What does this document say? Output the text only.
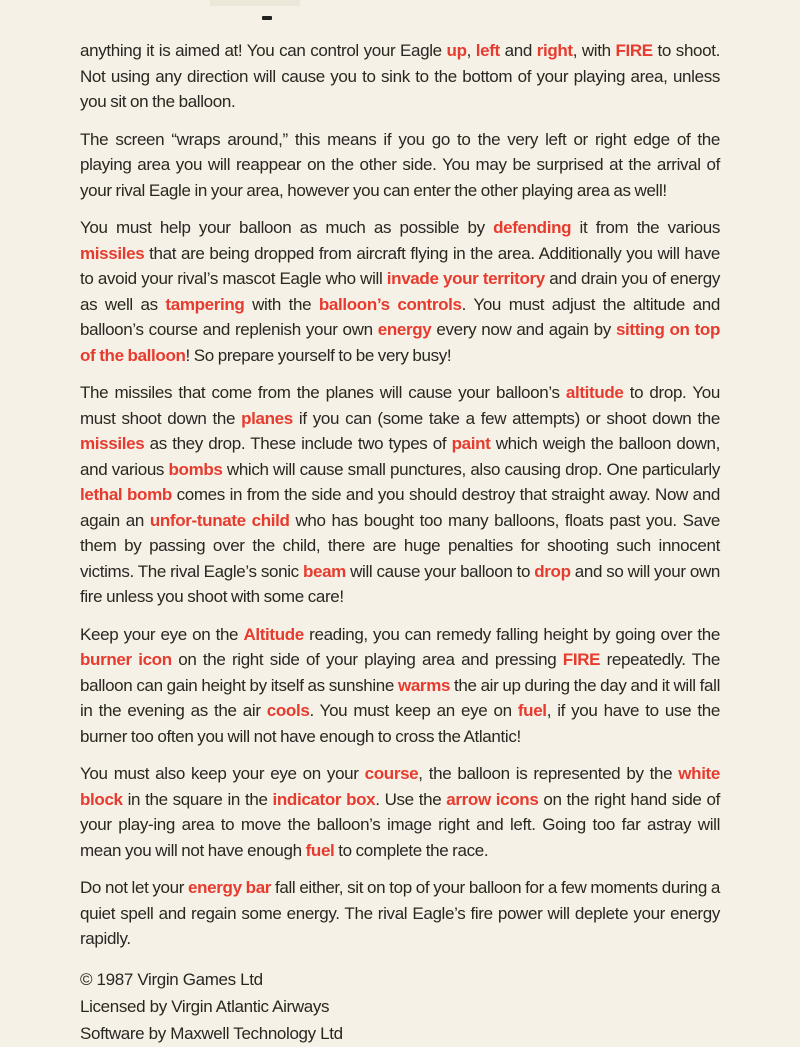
anything it is aimed at! You can control your Eagle up, left and right, with FIRE to shoot. Not using any direction will cause you to sink to the bottom of your playing area, unless you sit on the balloon.

The screen “wraps around,” this means if you go to the very left or right edge of the playing area you will reappear on the other side. You may be surprised at the arrival of your rival Eagle in your area, however you can enter the other playing area as well!

You must help your balloon as much as possible by defending it from the various missiles that are being dropped from aircraft flying in the area. Additionally you will have to avoid your rival’s mascot Eagle who will invade your territory and drain you of energy as well as tampering with the balloon’s controls. You must adjust the altitude and balloon’s course and replenish your own energy every now and again by sitting on top of the balloon! So prepare yourself to be very busy!

The missiles that come from the planes will cause your balloon’s altitude to drop. You must shoot down the planes if you can (some take a few attempts) or shoot down the missiles as they drop. These include two types of paint which weigh the balloon down, and various bombs which will cause small punctures, also causing drop. One particularly lethal bomb comes in from the side and you should destroy that straight away. Now and again an unfor-tunate child who has bought too many balloons, floats past you. Save them by passing over the child, there are huge penalties for shooting such innocent victims. The rival Eagle’s sonic beam will cause your balloon to drop and so will your own fire unless you shoot with some care!

Keep your eye on the Altitude reading, you can remedy falling height by going over the burner icon on the right side of your playing area and pressing FIRE repeatedly. The balloon can gain height by itself as sunshine warms the air up during the day and it will fall in the evening as the air cools. You must keep an eye on fuel, if you have to use the burner too often you will not have enough to cross the Atlantic!

You must also keep your eye on your course, the balloon is represented by the white block in the square in the indicator box. Use the arrow icons on the right hand side of your play-ing area to move the balloon’s image right and left. Going too far astray will mean you will not have enough fuel to complete the race.

Do not let your energy bar fall either, sit on top of your balloon for a few moments during a quiet spell and regain some energy. The rival Eagle’s fire power will deplete your energy rapidly.

© 1987 Virgin Games Ltd
Licensed by Virgin Atlantic Airways
Software by Maxwell Technology Ltd
